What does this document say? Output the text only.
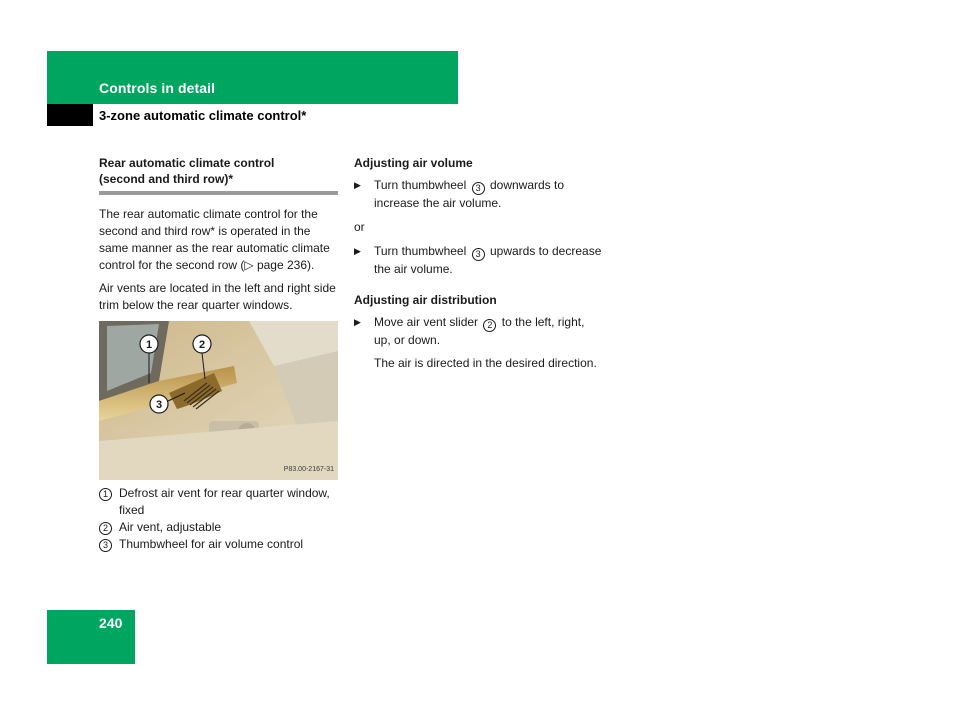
Controls in detail
3-zone automatic climate control*
Rear automatic climate control
(second and third row)*

The rear automatic climate control for the second and third row* is operated in the same manner as the rear automatic climate control for the second row (▷ page 236).

Air vents are located in the left and right side trim below the rear quarter windows.

1	2
3
P83.00-2167-31
1 Defrost air vent for rear quarter window, fixed
2 Air vent, adjustable
3 Thumbwheel for air volume control
Adjusting air volume
▶	Turn thumbwheel 3 downwards to increase the air volume.
or
▶	Turn thumbwheel 3 upwards to decrease the air volume.
Adjusting air distribution
▶	Move air vent slider 2 to the left, right, up, or down.

The air is directed in the desired direction.

240
